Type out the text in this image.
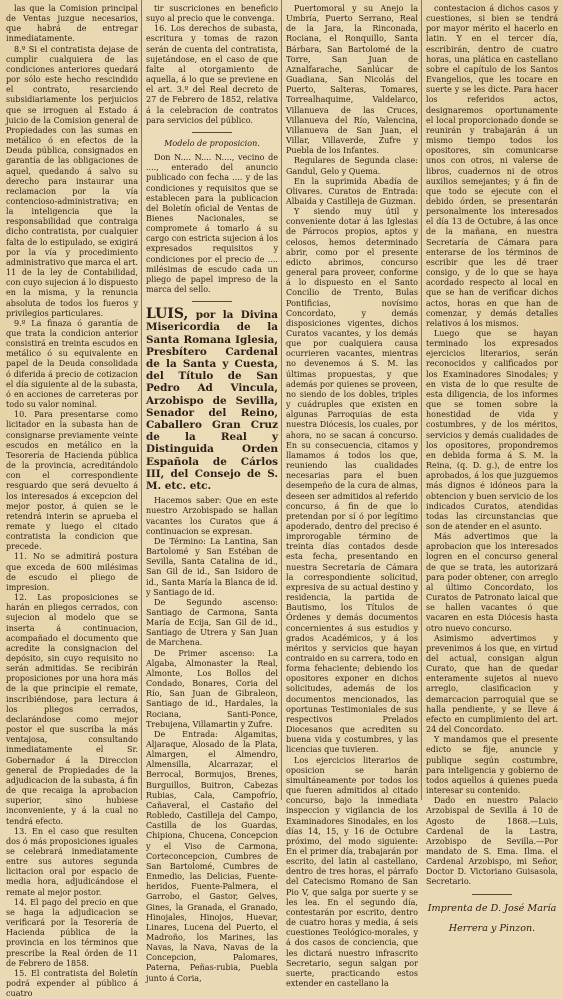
las que la Comision principal de Ventas juzgue necesarios, que habrá de entregar inmediatamente.

8.º Si el contratista dejase de cumplir cualquiera de las condiciones anteriores quedará por sólo este hecho rescindido el contrato, resarciendo subsidiariamente los perjuicios que se irroguen al Estado á juicio de la Comision general de Propiedades con las sumas en metálico ó en efectos de la Deuda pública, consignados en garantía de las obligaciones de aquel, quedando á salvo su derecho para instaurar una reclamacion por la vía contencioso-administrativa; en la inteligencia que la responsabilidad que contraiga dicho contratista, por cualquier falta de lo estipulado, se exigirá por la vía y procedimiento administrativo que marca el art. 11 de la ley de Contabilidad, con cuyo sujecion á lo dispuesto en la misma, y la renuncia absoluta de todos los fueros y privilegios particulares.

9.º La finaza ó garantía de que trata la condicion anterior consistirá en treinta escudos en metálico ó su equivalente en papel de la Deuda consolidada ó diferida á precio de cotizacion el día siguiente al de la subasta, ó en acciones de carreteras por todo su valor nominal.

10. Para presentarse como licitador en la subasta han de consignarse previamente veinte escudos en metálico en la Tesorería de Hacienda pública de la provincia, acreditándolo con el correspondiente resguardo que será devuelto á los interesados á excepcion del mejor postor, á quien se le retendrá interin se aprueba el remate y luego el citado contratista la condicion que precede.

11. No se admitirá postura que exceda de 600 milésimas de escudo el pliego de impresion.

12. Las proposiciones se harán en pliegos cerrados, con sujecion al modelo que se inserta á continuacion, acompañado el documento que acredite la consignacion del depósito, sin cuyo requisito no serán admitidas. Se recibirán proposiciones por una hora más de la que principie el remate, inscribiéndose, para lectura á los pliegos cerrados, declarándose como mejor postor el que suscriba la más ventajosa, consultando inmediatamente el Sr. Gobernador á la Direccion general de Propiedades de la adjudicacion de la subasta, á fin de que recaiga la aprobacion superior, sino hubiese inconveniente, y á la cual no tendrá efecto.

13. En el caso que resulten dos ó más proposiciones iguales se celebrará inmediatamente entre sus autores segunda licitacion oral por espacio de media hora, adjudicándose el remate al mejor postor.

14. El pago del precio en que se haga la adjudicacion se verificará por la Tesorería de Hacienda pública de la provincia en los términos que prescribe la Real órden de 11 de Febrero de 1858.

15. El contratista del Boletín podrá expender al público á cuatro

tir suscriciones en beneficio suyo al precio que le convenga.

16. Los derechos de subasta, escritura y tomas de razon serán de cuenta del contratista, sujetándose, en el caso de que falte al otorgamiento de aquella, á lo que se previene en el art. 3.º del Real decreto de 27 de Febrero de 1852, relativa á la celebracion de contratos para servicios del público.

Modelo de proposicion.

Don N.... N.... N...., vecino de ...., enterado del anuncio publicado con fecha .... y de las condiciones y requisitos que se establecen para la publicacion del Boletín oficial de Ventas de Bienes Nacionales, se compromete á tomarlo á su cargo con estricta sujecion á los expresados requisitos y condiciones por el precio de .... milésimas de escudo cada un pliego de papel impreso de la marca del sello.

LUIS, por la Divina Misericordia de la Santa Romana Iglesia, Presbítero Cardenal de la Santa y Cuesta, del Título de San Pedro Ad Vincula, Arzobispo de Sevilla, Senador del Reino, Caballero Gran Cruz de la Real y Distinguida Orden Española de Cárlos III, del Consejo de S. M. etc. etc.

Hacemos saber: Que en este nuestro Arzobispado se hallan vacantes los Curatos que á continuacion se expresan.

De Término: La Lantina, San Bartolomé y San Estéban de Sevilla, Santa Catalina de id., San Gil de id., San Isidoro de id., Santa María la Blanca de id. y Santiago de id.

De Segundo ascenso: Santiago de Carmona, Santa María de Ecija, San Gil de id., Santiago de Utrera y San Juan de Marchena.

De Primer ascenso: La Algaba, Almonaster la Real, Almonte, Los Bollos del Condado, Bonares, Coria del Río, San Juan de Gibraleon, Santiago de id., Hardales, la Rociana, Santi-Ponce, Trebujena, Villamartin y Zufre.

De Entrada: Algamitas, Aljaraque, Alosado de la Plata, Almargen, el Almendro, Almensilla, Alcarrazar, el Berrocal, Bormujos, Brenes, Burguillos, Buitron, Cabezas Rubias, Cala, Campofrío, Cañaveral, el Castaño del Robledo, Castilleja del Campo, Castilla de los Guardas, Chipiona, Chucena, Concepcion y el Viso de Carmona, Corteconcepcion, Cumbres de San Bartolomé, Cumbres de Enmedio, las Delicias, Fuente-heridos, Fuente-Palmera, el Garrobo, el Gastor, Gelves, Gines, la Granada, el Granado, Hinojales, Hinojos, Huevar, Linares, Lucena del Puerto, el Madroño, los Marines, las Navas, la Nava, Navas de la Concepcion, Palomares, Paterna, Peñas-rubia, Puebla junto á Coria,

Puertomoral y su Anejo la Umbría, Puerto Serrano, Real de la Jara, la Rinconada, Rociana, el Ronquillo, Santa Bárbara, San Bartolomé de la Torre, San Juan de Aznalfarache, Sanlúcar de Guadiana, San Nicolás del Puerto, Salteras, Tomares, Torrealhaquime, Valdelarco, Villanueva de las Cruces, Villanueva del Río, Valencina, Villanueva de San Juan, el Villar, Villaverde, Zufre y Puebla de los Infantes.

Regulares de Segunda clase: Gandul, Gelo y Quema.

En la suprimida Abadía de Olivares. Curatos de Entrada: Albaida y Castilleja de Guzman.

Y siendo muy útil y conveniente dotar á las Iglesias de Párrocos propios, aptos y celosos, hemos determinado abrir, como por el presente edicto abrimos, concurso general para proveer, conforme á lo dispuesto en el Santo Concilio de Trento, Bulas Pontificias, novísimo Concordato, y demás disposiciones vigentes, dichos Curatos vacantes, y los demás que por cualquiera causa ocurrieren vacantes, mientras no devenemos á S. M. las últimas propuestas, y que además por quienes se proveen, no siendo de los dobles, triples y cuádruples que existen en algunas Parroquias de esta nuestra Diócesis, los cuales, por ahora, no se sacan á concurso. En su consecuencia, citamos y llamamos á todos los que, reuniendo las cualidades necesarias para el buen desempeño de la cura de almas, deseen ser admitidos al referido concurso, á fin de que lo pretendan por sí ó por legítimo apoderado, dentro del preciso é improrogable término de treinta días contados desde esta fecha, presentando en nuestra Secretaría de Cámara la correspondiente solicitud, expresiva de su actual destino y residencia, la partida de Bautismo, los Títulos de Órdenes y demás documentos concernientes á sus estudios y grados Académicos, y á los méritos y servicios que hayan contraido en su carrera, todo en forma fehaciente; debiendo los opositores exponer en dichos solicitudes, además de los documentos mencionados, las oportunas Testimoniales de sus respectivos Prelados Diocesanos que acrediten su buena vida y costumbres, y las licencias que tuvieren.

Los ejercicios literarios de oposicion se harán simultáneamente por todos los que fueren admitidos al citado concurso, bajo la inmediata inspeccion y vigilancia de los Examinadores Sinodales, en los días 14, 15, y 16 de Octubre próximo, del modo siguiente: En el primer día, trabajarán por escrito, del latin al castellano, dentro de tres horas, el párrafo del Catecismo Romano de San Pio V, que salga por suerte y se les lea. En el segundo día, contestarán por escrito, dentro de cuatro horas y media, á seis cuestiones Teológico-morales, y á dos casos de conciencia, que les dictará nuestro infrascrito Secretario, segun salgan por suerte, practicando estos extender en castellano la

contestacion á dichos casos y cuestiones, si bien se tendrá por mayor mérito el hacerlo en latin. Y en el tercer día, escribirán, dentro de cuatro horas, una plática en castellano sobre el capítulo de los Santos Evangelios, que les tocare en suerte y se les dicte. Para hacer los referidos actos, designaremos oportunamente el local proporcionado donde se reunirán y trabajarán á un mismo tiempo todos los opositores, sin comunicarse unos con otros, ni valerse de libros, cuadernos ni de otros auxilios semejantes; y á fin de que todo se ejecute con el debido órden, se presentarán personalmente los interesados el día 13 de Octubre, á las once de la mañana, en nuestra Secretaría de Cámara para enterarse de los términos de escribir que les dé traer consigo, y de lo que se haya acordado respecto al local en que se han de verificar dichos actos, horas en que han de comenzar, y demás detalles relativos á los mismos.

Luego que se hayan terminado los expresados ejercicios literarios, serán reconocidos y calificados por los Examinadores Sinodales; y en vista de lo que resulte de esta diligencia, de los informes que se tomen sobre la honestidad de vida y costumbres, y de los méritos, servicios y demás cualidades de los opositores, propondremos en debida forma á S. M. la Reina, (q. D. g.), de entre los aprobados, á los que juzguemos más dignos é idóneos para la obtencion y buen servicio de los indicados Curatos, atendidas todas las circunstancias que son de atender en el asunto.

Más advertimos que la aprobacion que los interesados logren en el concurso general de que se trata, les autorizará para poder obtener, con arreglo al último Concordato, los Curatos de Patronato laical que se hallen vacantes ó que vacaren en esta Diócesis hasta otro nuevo concurso.

Asimismo advertimos y prevenimos á los que, en virtud del actual, consigan algun Curato, que han de quedar enteramente sujetos al nuevo arreglo, clasificacion y demarcacion parroquial que se halla pendiente, y se lleve á efecto en cumplimiento del art. 24 del Concordato.

Y mandamos que el presente edicto se fije, anuncie y publique según costumbre, para inteligencia y gobierno de todos aquellos á quienes pueda interesar su contenido.

Dado en nuestro Palacio Arzobispal de Sevilla á 10 de Agosto de 1868.—Luis, Cardenal de la Lastra, Arzobispo de Sevilla.—Por mandato de S. Ema. Ilma. el Cardenal Arzobispo, mi Señor, Doctor D. Victoriano Guisasola, Secretario.

Imprenta de D. José María

Herrera y Pinzon.
